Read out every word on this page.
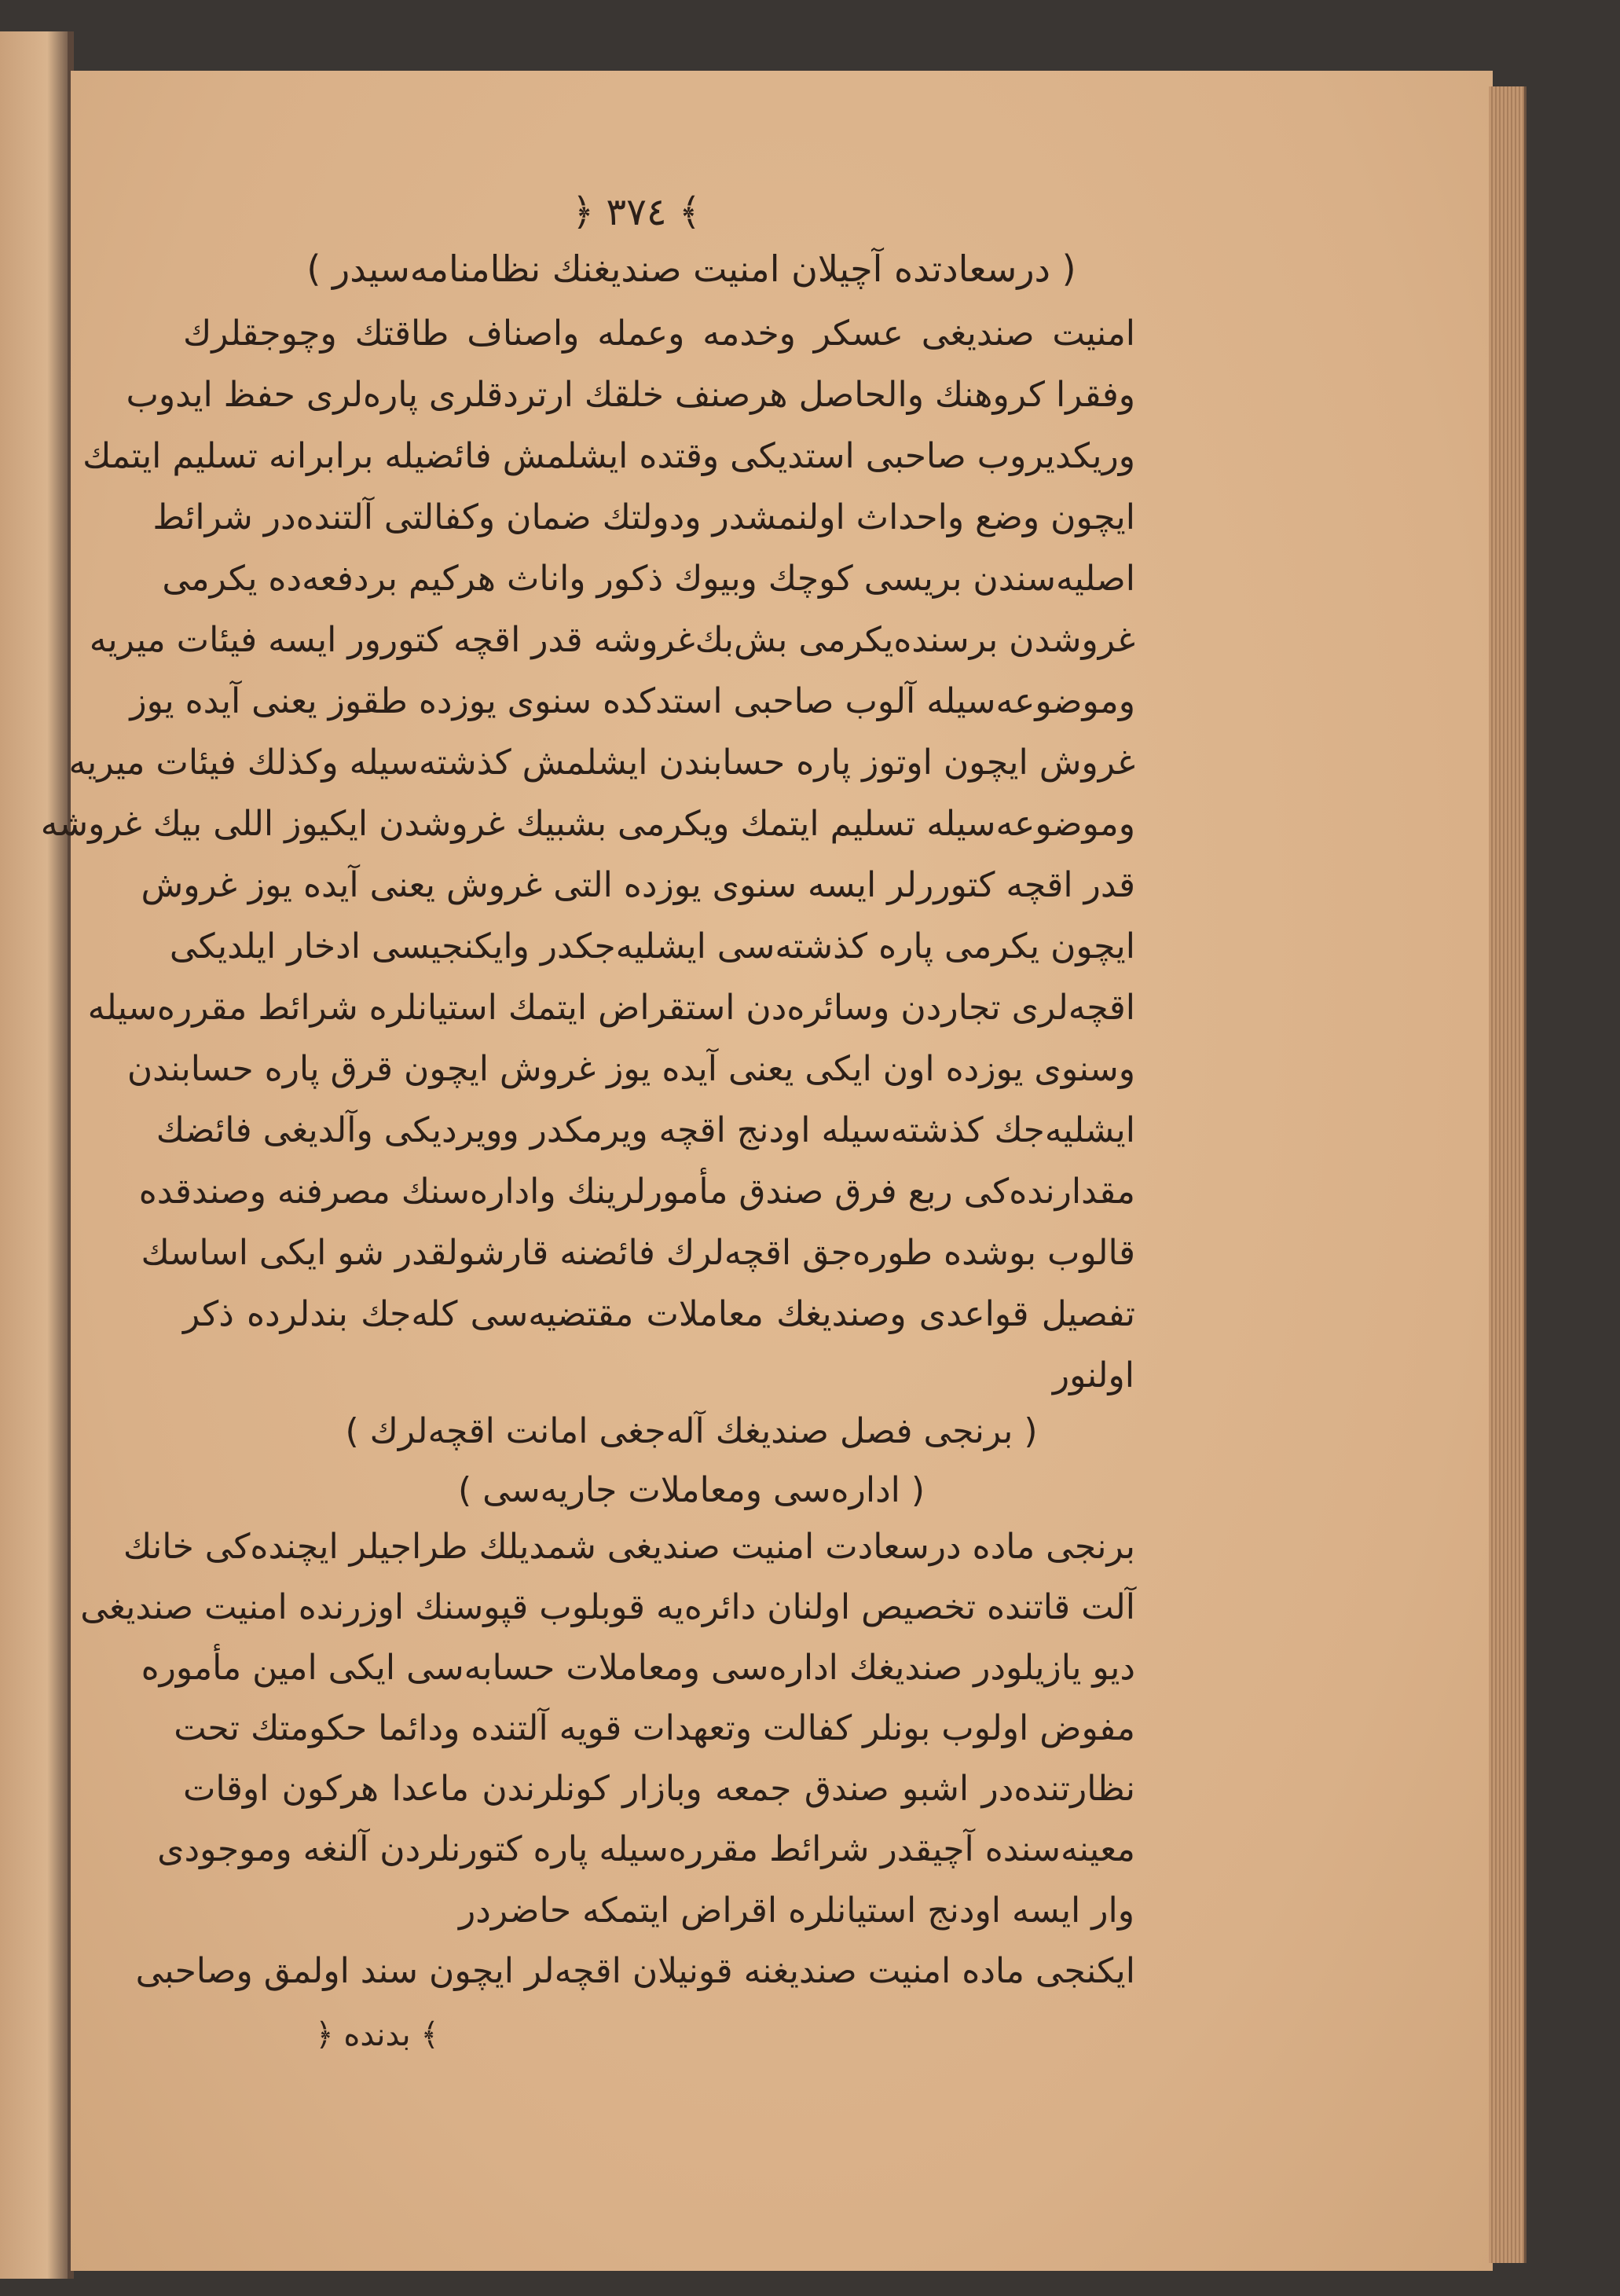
﴾ ٣٧٤ ﴿
( درسعادتده آچیلان امنیت صندیغنك نظامنامه‌سیدر )
امنیت صندیغی عسکر وخدمه وعمله واصناف طاقتك وچوجقلرك
وفقرا کروهنك والحاصل هرصنف خلقك ارتردقلری پاره‌لری حفظ ایدوب
وریکدیروب صاحبی استدیکی وقتده ایشلمش فائضیله برابرانه تسلیم ایتمك
ایچون وضع واحداث اولنمشدر ودولتك ضمان وکفالتی آلتنده‌در شرائط
اصلیه‌سندن بریسی کوچك وبیوك ذکور واناث هرکیم بردفعه‌ده یکرمی
غروشدن برسنده‌یکرمی بش‌بك‌غروشه قدر اقچه کتورور ایسه فیئات میریه
وموضوعه‌سیله آلوب صاحبی استدکده سنوی یوزده طقوز یعنی آیده یوز
غروش ایچون اوتوز پاره حسابندن ایشلمش کذشته‌سیله وکذلك فیئات میریه
وموضوعه‌سیله تسلیم ایتمك ویکرمی بشبیك غروشدن ایکیوز اللی بیك غروشه
قدر اقچه کتوررلر ایسه سنوی یوزده التی غروش یعنی آیده یوز غروش
ایچون یکرمی پاره کذشته‌سی ایشلیه‌جکدر وایکنجیسی ادخار ایلدیکی
اقچه‌لری تجاردن وسائره‌دن استقراض ایتمك استیانلره شرائط مقرره‌سیله
وسنوی یوزده اون ایکی یعنی آیده یوز غروش ایچون قرق پاره حسابندن
ایشلیه‌جك کذشته‌سیله اودنج اقچه ویرمکدر وویردیکی وآلدیغی فائضك
مقدارنده‌کی ربع فرق صندق مأمورلرینك واداره‌سنك مصرفنه وصندقده
قالوب بوشده طوره‌جق اقچه‌لرك فائضنه قارشولقدر شو ایکی اساسك
تفصیل قواعدی وصندیغك معاملات مقتضیه‌سی کله‌جك بندلرده ذکر
اولنور
( برنجی فصل صندیغك آله‌جغی امانت اقچه‌لرك )
( اداره‌سی ومعاملات جاریه‌سی )
برنجی ماده درسعادت امنیت صندیغی شمدیلك طراجیلر ایچنده‌کی خانك
آلت قاتنده تخصیص اولنان دائره‌یه قوبلوب قپوسنك اوزرنده امنیت صندیغی
دیو یازیلودر صندیغك اداره‌سی ومعاملات حسابه‌سی ایکی امین مأموره
مفوض اولوب بونلر کفالت وتعهدات قویه آلتنده ودائما حکومتك تحت
نظارتنده‌در اشبو صندق جمعه وبازار کونلرندن ماعدا هرکون اوقات
معینه‌سنده آچیقدر شرائط مقرره‌سیله پاره کتورنلردن آلنغه وموجودی
وار ایسه اودنج استیانلره اقراض ایتمکه حاضردر
ایکنجی ماده امنیت صندیغنه قونیلان اقچه‌لر ایچون سند اولمق وصاحبی
﴾ بدنده ﴿
